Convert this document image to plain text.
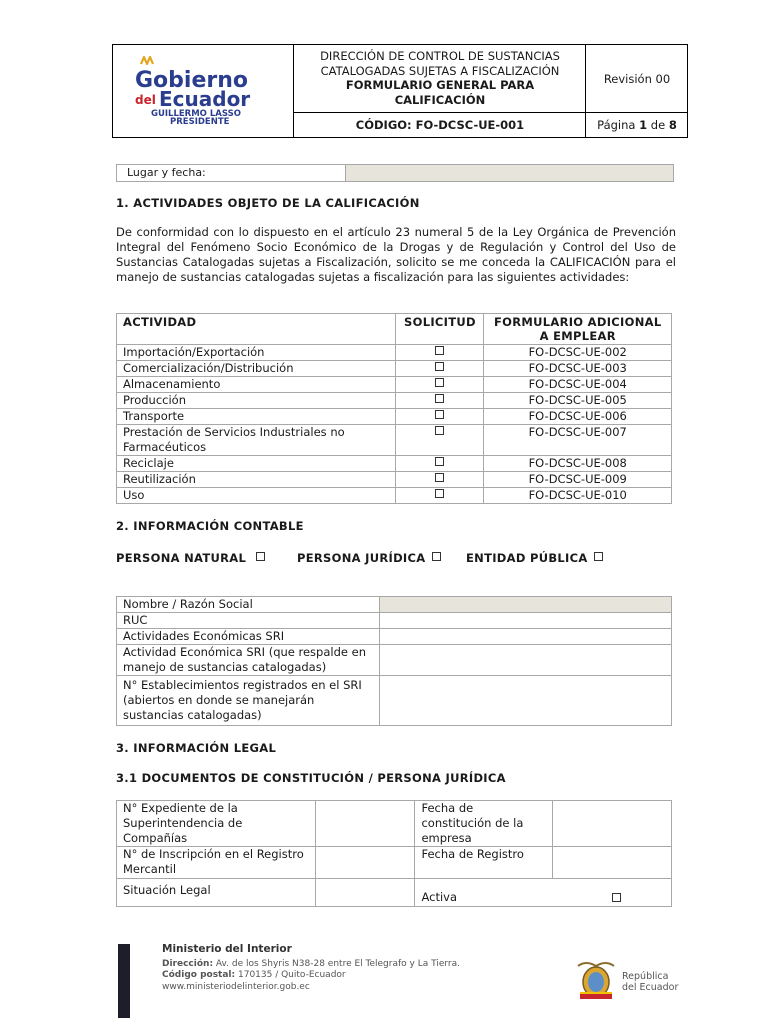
Gobierno
del Ecuador
GUILLERMO LASSO
PRESIDENTE
DIRECCIÓN DE CONTROL DE SUSTANCIAS
CATALOGADAS SUJETAS A FISCALIZACIÓN
FORMULARIO GENERAL PARA
CALIFICACIÓN
Revisión 00
CÓDIGO: FO-DCSC-UE-001	Página 1 de 8
Lugar y fecha:
1. ACTIVIDADES OBJETO DE LA CALIFICACIÓN
De conformidad con lo dispuesto en el artículo 23 numeral 5 de la Ley Orgánica de Prevención Integral del Fenómeno Socio Económico de la Drogas y de Regulación y Control del Uso de Sustancias Catalogadas sujetas a Fiscalización, solicito se me conceda la CALIFICACIÓN para el manejo de sustancias catalogadas sujetas a fiscalización para las siguientes actividades:
ACTIVIDAD	SOLICITUD	FORMULARIO ADICIONAL
A EMPLEAR

Importación/Exportación		FO-DCSC-UE-002
Comercialización/Distribución		FO-DCSC-UE-003
Almacenamiento		FO-DCSC-UE-004
Producción		FO-DCSC-UE-005
Transporte		FO-DCSC-UE-006
Prestación de Servicios Industriales no Farmacéuticos		FO-DCSC-UE-007
Reciclaje		FO-DCSC-UE-008
Reutilización		FO-DCSC-UE-009
Uso		FO-DCSC-UE-010
2. INFORMACIÓN CONTABLE
PERSONA NATURAL	PERSONA JURÍDICA	ENTIDAD PÚBLICA
Nombre / Razón Social	
RUC	
Actividades Económicas SRI	
Actividad Económica SRI (que respalde en manejo de sustancias catalogadas)	
N° Establecimientos registrados en el SRI (abiertos en donde se manejarán sustancias catalogadas)	
3. INFORMACIÓN LEGAL
3.1 DOCUMENTOS DE CONSTITUCIÓN / PERSONA JURÍDICA
N° Expediente de la Superintendencia de Compañías		Fecha de constitución de la empresa	
N° de Inscripción en el Registro Mercantil		Fecha de Registro	
Situación Legal		Activa	
Ministerio del Interior
Dirección: Av. de los Shyris N38-28 entre El Telegrafo y La Tierra.
Código postal: 170135 / Quito-Ecuador
www.ministeriodelinterior.gob.ec
República
del Ecuador
